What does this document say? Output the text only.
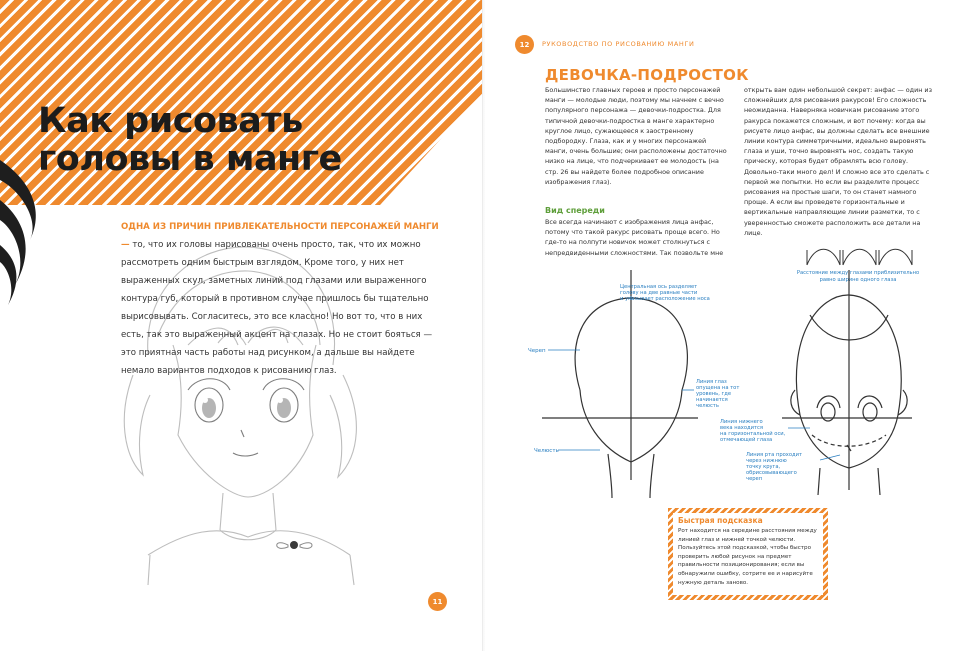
Как рисовать
головы в манге

ОДНА ИЗ ПРИЧИН ПРИВЛЕКАТЕЛЬНОСТИ ПЕРСОНАЖЕЙ МАНГИ — то, что их головы нарисованы очень просто, так, что их можно рассмотреть одним быстрым взглядом. Кроме того, у них нет выраженных скул, заметных линий под глазами или выраженного контура губ, который в противном случае пришлось бы тщательно вырисовывать. Согласитесь, это все классно! Но вот то, что в них есть, так это выраженный акцент на глазах. Но не стоит бояться — это приятная часть работы над рисунком, а дальше вы найдете немало вариантов подходов к рисованию глаз.

11
12	РУКОВОДСТВО ПО РИСОВАНИЮ МАНГИ
ДЕВОЧКА-ПОДРОСТОК

Большинство главных героев и просто персонажей манги — молодые люди, поэтому мы начнем с вечно популярного персонажа — девочки-подростка. Для типичной девочки-подростка в манге характерно круглое лицо, сужающееся к заостренному подбородку. Глаза, как и у многих персонажей манги, очень большие; они расположены достаточно низко на лице, что подчеркивает ее молодость (на стр. 26 вы найдете более подробное описание изображения глаз).

Вид спереди

Все всегда начинают с изображения лица анфас, потому что такой ракурс рисовать проще всего. Но где-то на полпути новичок может столкнуться с непредвиденными сложностями. Так позвольте мне

открыть вам один небольшой секрет: анфас — один из сложнейших для рисования ракурсов! Его сложность неожиданна. Наверняка новичкам рисование этого ракурса покажется сложным, и вот почему: когда вы рисуете лицо анфас, вы должны сделать все внешние линии контура симметричными, идеально выровнять глаза и уши, точно выровнять нос, создать такую прическу, которая будет обрамлять всю голову. Довольно-таки много дел! И сложно все это сделать с первой же попытки. Но если вы разделите процесс рисования на простые шаги, то он станет намного проще. А если вы проведете горизонтальные и вертикальные направляющие линии разметки, то с уверенностью сможете расположить все детали на лице.

Расстояние между глазами приблизительно
равно ширине одного глаза
Центральная ось разделяет
голову на две равные части
и указывает расположение носа
Череп
Линия глаз
опущена на тот
уровень, где
начинается
челюсть
Челюсть
Линия нижнего
века находится
на горизонтальной оси,
отмечающей глаза
Линия рта проходит
через нижнюю
точку круга,
обрисовывающего
череп

Быстрая подсказка

Рот находится на середине расстояния между линией глаз и нижней точкой челюсти. Пользуйтесь этой подсказкой, чтобы быстро проверить любой рисунок на предмет правильности позиционирования; если вы обнаружили ошибку, сотрите ее и нарисуйте нужную деталь заново.
